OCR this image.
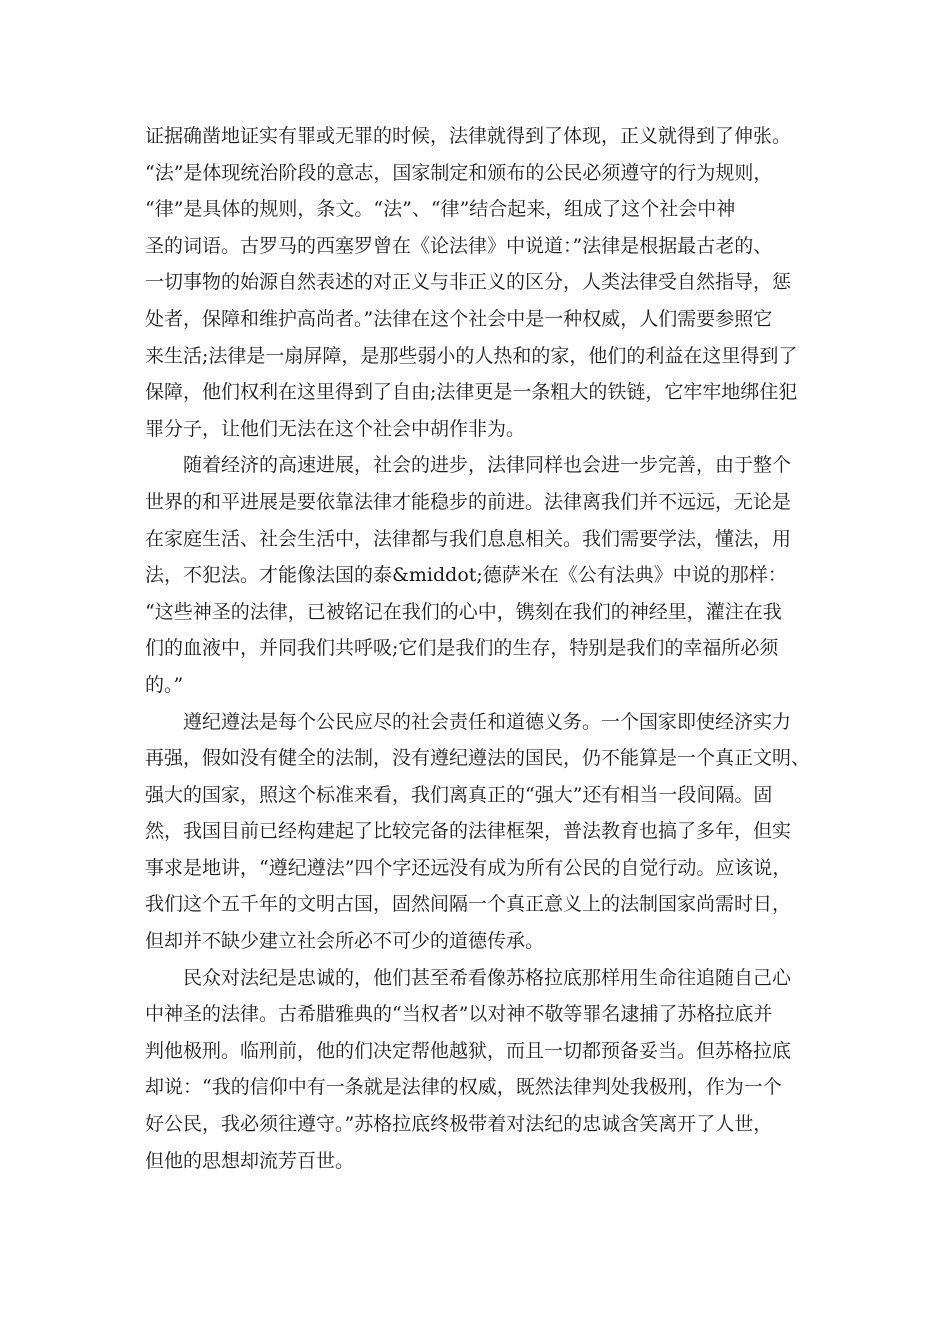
证据确凿地证实有罪或无罪的时候，法律就得到了体现，正义就得到了伸张。
“法”是体现统治阶段的意志，国家制定和颁布的公民必须遵守的行为规则，
“律”是具体的规则，条文。“法”、“律”结合起来，组成了这个社会中神
圣的词语。古罗马的西塞罗曾在《论法律》中说道：”法律是根据最古老的、
一切事物的始源自然表述的对正义与非正义的区分，人类法律受自然指导，惩
处者，保障和维护高尚者。”法律在这个社会中是一种权威，人们需要参照它
来生活;法律是一扇屏障，是那些弱小的人热和的家，他们的利益在这里得到了
保障，他们权利在这里得到了自由;法律更是一条粗大的铁链，它牢牢地绑住犯
罪分子，让他们无法在这个社会中胡作非为。
随着经济的高速进展，社会的进步，法律同样也会进一步完善，由于整个
世界的和平进展是要依靠法律才能稳步的前进。法律离我们并不远远，无论是
在家庭生活、社会生活中，法律都与我们息息相关。我们需要学法，懂法，用
法，不犯法。才能像法国的泰&middot;德萨米在《公有法典》中说的那样：
“这些神圣的法律，已被铭记在我们的心中，镌刻在我们的神经里，灌注在我
们的血液中，并同我们共呼吸;它们是我们的生存，特别是我们的幸福所必须
的。”
遵纪遵法是每个公民应尽的社会责任和道德义务。一个国家即使经济实力
再强，假如没有健全的法制，没有遵纪遵法的国民，仍不能算是一个真正文明、
强大的国家，照这个标准来看，我们离真正的“强大”还有相当一段间隔。固
然，我国目前已经构建起了比较完备的法律框架，普法教育也搞了多年，但实
事求是地讲，“遵纪遵法”四个字还远没有成为所有公民的自觉行动。应该说，
我们这个五千年的文明古国，固然间隔一个真正意义上的法制国家尚需时日，
但却并不缺少建立社会所必不可少的道德传承。
民众对法纪是忠诚的，他们甚至希看像苏格拉底那样用生命往追随自己心
中神圣的法律。古希腊雅典的“当权者”以对神不敬等罪名逮捕了苏格拉底并
判他极刑。临刑前，他的们决定帮他越狱，而且一切都预备妥当。但苏格拉底
却说：“我的信仰中有一条就是法律的权威，既然法律判处我极刑，作为一个
好公民，我必须往遵守。”苏格拉底终极带着对法纪的忠诚含笑离开了人世，
但他的思想却流芳百世。
